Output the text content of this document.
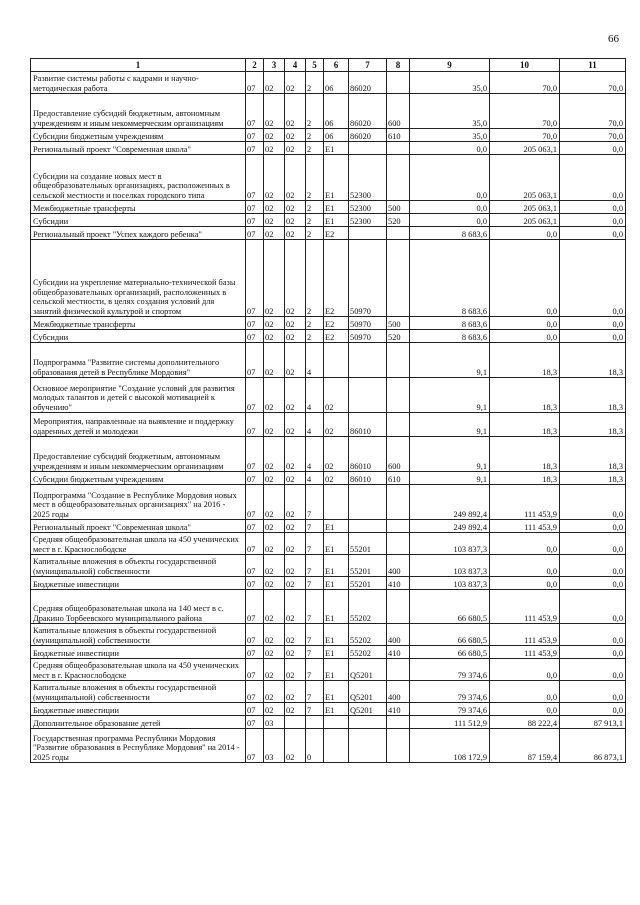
66
1	2	3	4	5	6	7	8	9	10	11
Развитие системы работы с кадрами и научно-методическая работа	07	02	02	2	06	86020		35,0	70,0	70,0
Предоставление субсидий бюджетным, автономным учреждениям и иным некоммерческим организациям	07	02	02	2	06	86020	600	35,0	70,0	70,0
Субсидии бюджетным учреждениям	07	02	02	2	06	86020	610	35,0	70,0	70,0
Региональный проект "Современная школа"	07	02	02	2	E1			0,0	205 063,1	0,0
Субсидии на создание новых мест в общеобразовательных организациях, расположенных в сельской местности и поселках городского типа	07	02	02	2	E1	52300		0,0	205 063,1	0,0
Межбюджетные трансферты	07	02	02	2	E1	52300	500	0,0	205 063,1	0,0
Субсидии	07	02	02	2	E1	52300	520	0,0	205 063,1	0,0
Региональный проект "Успех каждого ребенка"	07	02	02	2	E2			8 683,6	0,0	0,0
Субсидии на укрепление материально-технической базы общеобразовательных организаций, расположенных в сельской местности, в целях создания условий для занятий физической культурой и спортом	07	02	02	2	E2	50970		8 683,6	0,0	0,0
Межбюджетные трансферты	07	02	02	2	E2	50970	500	8 683,6	0,0	0,0
Субсидии	07	02	02	2	E2	50970	520	8 683,6	0,0	0,0
Подпрограмма "Развитие системы дополнительного образования детей в Республике Мордовия"	07	02	02	4				9,1	18,3	18,3
Основное мероприятие "Создание условий для развития молодых талантов и детей с высокой мотивацией к обучению"	07	02	02	4	02			9,1	18,3	18,3
Мероприятия, направленные на выявление и поддержку одаренных детей и молодежи	07	02	02	4	02	86010		9,1	18,3	18,3
Предоставление субсидий бюджетным, автономным учреждениям и иным некоммерческим организациям	07	02	02	4	02	86010	600	9,1	18,3	18,3
Субсидии бюджетным учреждениям	07	02	02	4	02	86010	610	9,1	18,3	18,3
Подпрограмма "Создание в Республике Мордовия новых мест в общеобразовательных организациях" на 2016 - 2025 годы	07	02	02	7				249 892,4	111 453,9	0,0
Региональный проект "Современная школа"	07	02	02	7	E1			249 892,4	111 453,9	0,0
Средняя общеобразовательная школа на 450 ученических мест в г. Краснослободске	07	02	02	7	E1	55201		103 837,3	0,0	0,0
Капитальные вложения в объекты государственной (муниципальной) собственности	07	02	02	7	E1	55201	400	103 837,3	0,0	0,0
Бюджетные инвестиции	07	02	02	7	E1	55201	410	103 837,3	0,0	0,0
Средняя общеобразовательная школа на 140 мест в с. Дракино Торбеевского муниципального района	07	02	02	7	E1	55202		66 680,5	111 453,9	0,0
Капитальные вложения в объекты государственной (муниципальной) собственности	07	02	02	7	E1	55202	400	66 680,5	111 453,9	0,0
Бюджетные инвестиции	07	02	02	7	E1	55202	410	66 680,5	111 453,9	0,0
Средняя общеобразовательная школа на 450 ученических мест в г. Краснослободске	07	02	02	7	E1	Q5201		79 374,6	0,0	0,0
Капитальные вложения в объекты государственной (муниципальной) собственности	07	02	02	7	E1	Q5201	400	79 374,6	0,0	0,0
Бюджетные инвестиции	07	02	02	7	E1	Q5201	410	79 374,6	0,0	0,0
Дополнительное образование детей	07	03						111 512,9	88 222,4	87 913,1
Государственная программа Республики Мордовия "Развитие образования в Республике Мордовия" на 2014 - 2025 годы	07	03	02	0				108 172,9	87 159,4	86 873,1
